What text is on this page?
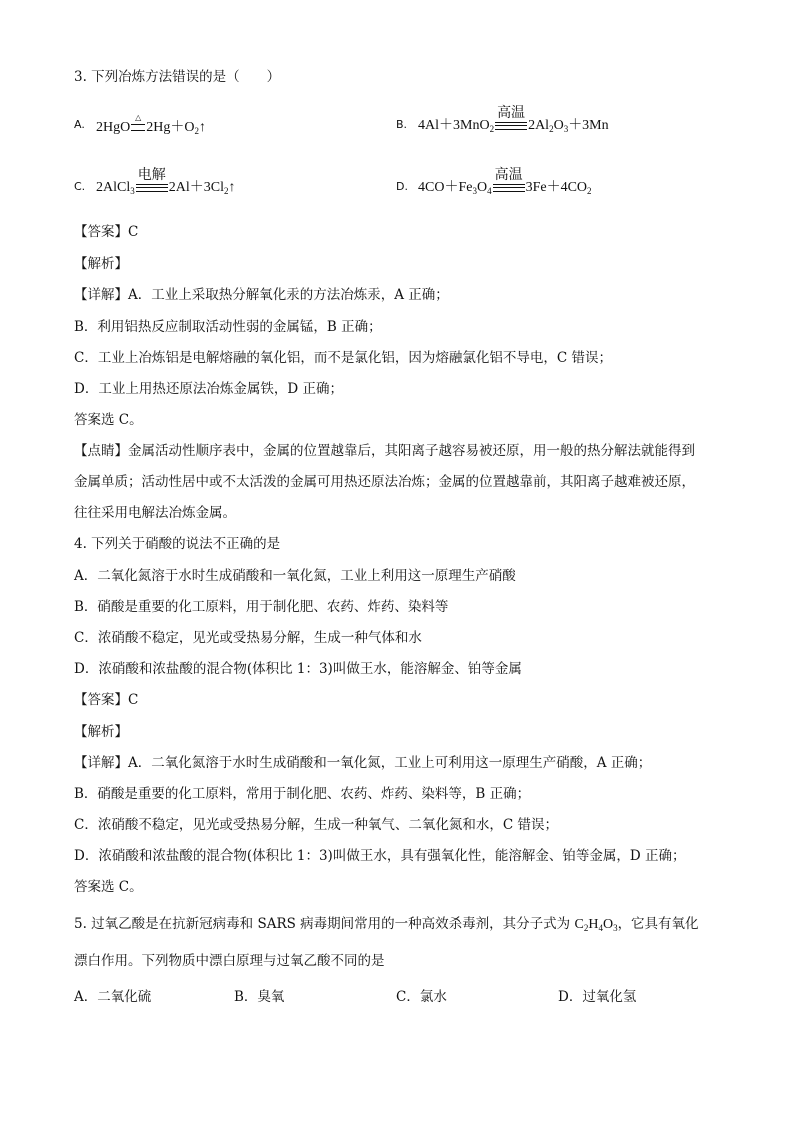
3. 下列冶炼方法错误的是（　　）
A. 2HgO
△
$2Hg+O_2↑$	B. 4Al＋3MnO$_2$
高温
$2Al_2O_3+3Mn$
C. 2AlCl$_3$
电解
$2Al+3Cl_2↑$	D. $4CO+Fe_3O_4$
高温
$3Fe+4CO_2$
【答案】C
【解析】
【详解】A．工业上采取热分解氧化汞的方法冶炼汞，A 正确；
B．利用铝热反应制取活动性弱的金属锰，B 正确；
C．工业上冶炼铝是电解熔融的氧化铝，而不是氯化铝，因为熔融氯化铝不导电，C 错误；
D．工业上用热还原法冶炼金属铁，D 正确；
答案选 C。
【点睛】金属活动性顺序表中，金属的位置越靠后，其阳离子越容易被还原，用一般的热分解法就能得到
金属单质；活动性居中或不太活泼的金属可用热还原法冶炼；金属的位置越靠前，其阳离子越难被还原，
往往采用电解法冶炼金属。
4. 下列关于硝酸的说法不正确的是
A．二氧化氮溶于水时生成硝酸和一氧化氮，工业上利用这一原理生产硝酸
B．硝酸是重要的化工原料，用于制化肥、农药、炸药、染料等
C．浓硝酸不稳定，见光或受热易分解，生成一种气体和水
D．浓硝酸和浓盐酸的混合物(体积比 1：3)叫做王水，能溶解金、铂等金属
【答案】C
【解析】
【详解】A．二氧化氮溶于水时生成硝酸和一氧化氮，工业上可利用这一原理生产硝酸，A 正确；
B．硝酸是重要的化工原料，常用于制化肥、农药、炸药、染料等，B 正确；
C．浓硝酸不稳定，见光或受热易分解，生成一种氧气、二氧化氮和水，C 错误；
D．浓硝酸和浓盐酸的混合物(体积比 1：3)叫做王水，具有强氧化性，能溶解金、铂等金属，D 正确；
答案选 C。
5. 过氧乙酸是在抗新冠病毒和 SARS 病毒期间常用的一种高效杀毒剂，其分子式为 $C_2H_4O_3$，它具有氧化
漂白作用。下列物质中漂白原理与过氧乙酸不同的是
A．二氧化硫	B．臭氧	C．氯水	D．过氧化氢
